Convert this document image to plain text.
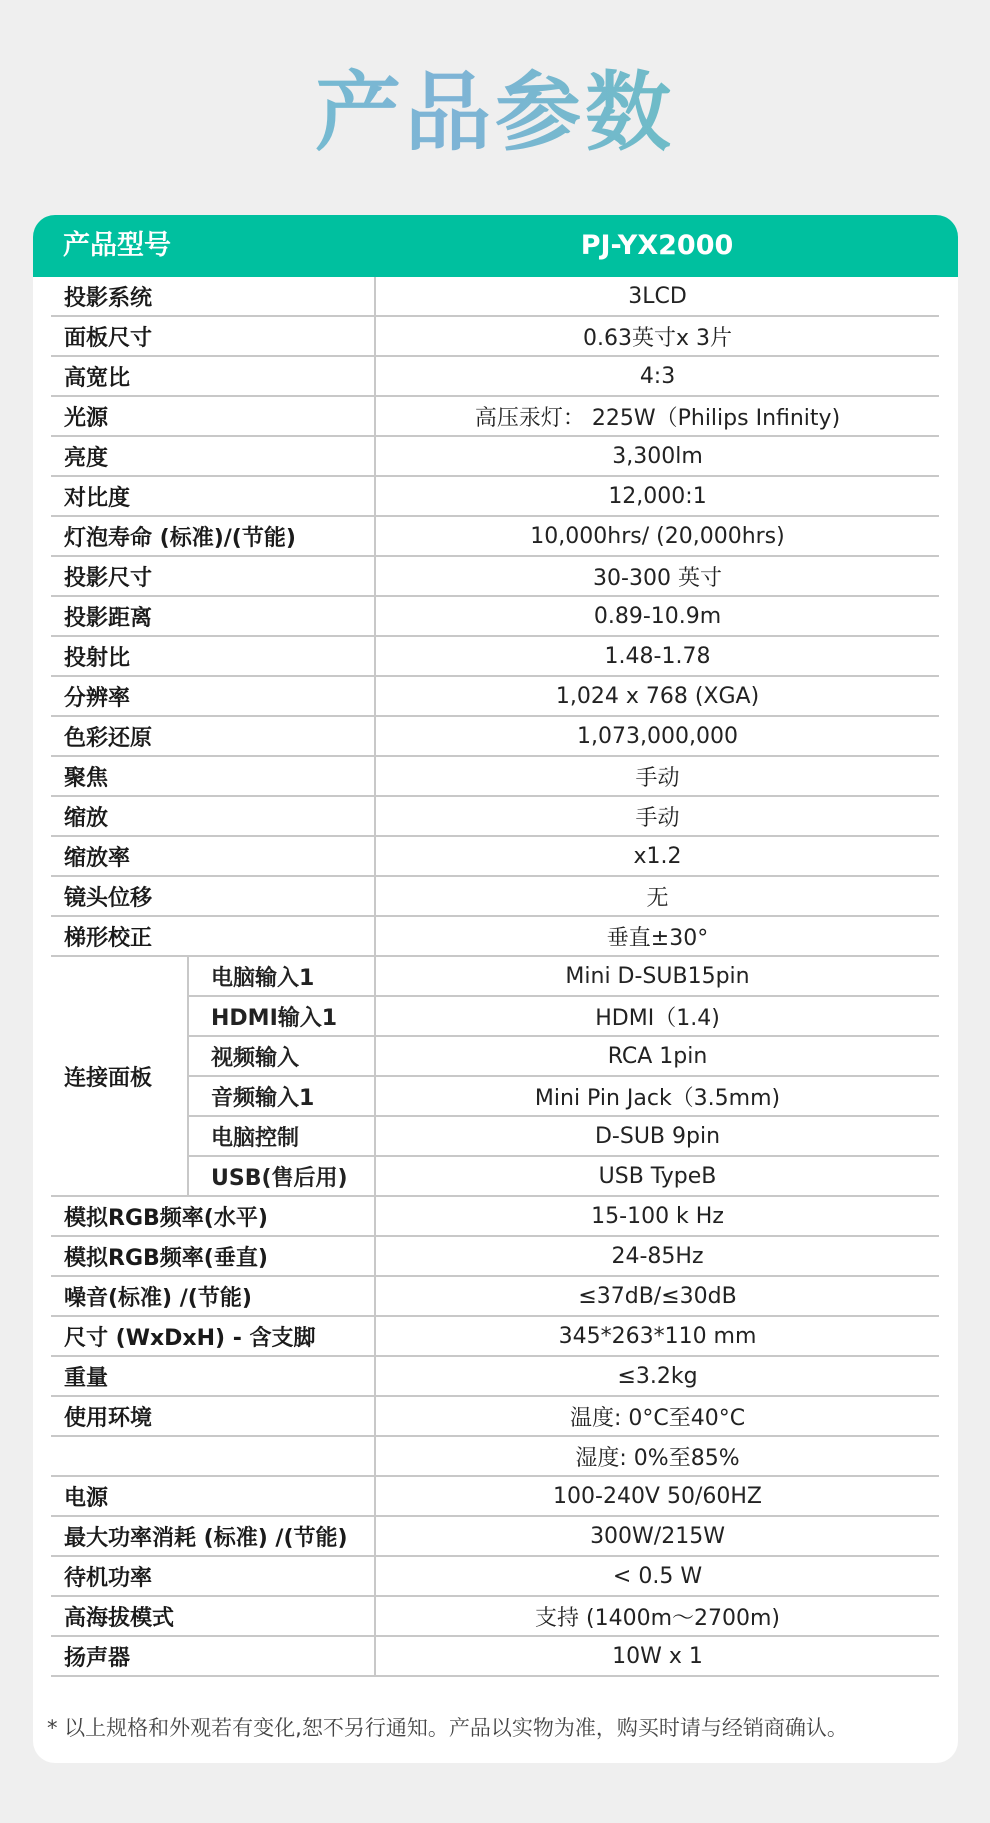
产品参数
产品型号	PJ-YX2000
投影系统		3LCD
面板尺寸		0.63英寸x 3片
高宽比		4:3
光源		高压汞灯： 225W（Philips Infinity)
亮度		3,300lm
对比度		12,000:1
灯泡寿命 (标准)/(节能)		10,000hrs/ (20,000hrs)
投影尺寸		30-300 英寸
投影距离		0.89-10.9m
投射比		1.48-1.78
分辨率		1,024 x 768 (XGA)
色彩还原		1,073,000,000
聚焦		手动
缩放		手动
缩放率		x1.2
镜头位移		无
梯形校正		垂直±30°
连接面板	电脑输入1	Mini D-SUB15pin
	HDMI输入1	HDMI（1.4)
	视频输入	RCA 1pin
	音频输入1	Mini Pin Jack（3.5mm)
	电脑控制	D-SUB 9pin
	USB(售后用)	USB TypeB
模拟RGB频率(水平)		15-100 k Hz
模拟RGB频率(垂直)		24-85Hz
噪音(标准) /(节能)		≤37dB/≤30dB
尺寸 (WxDxH) - 含支脚		345*263*110 mm
重量		≤3.2kg
使用环境		温度: 0°C至40°C
		湿度: 0%至85%
电源		100-240V 50/60HZ
最大功率消耗 (标准) /(节能)		300W/215W
待机功率		< 0.5 W
高海拔模式		支持 (1400m～2700m)
扬声器		10W x 1
* 以上规格和外观若有变化,恕不另行通知。产品以实物为准，购买时请与经销商确认。
